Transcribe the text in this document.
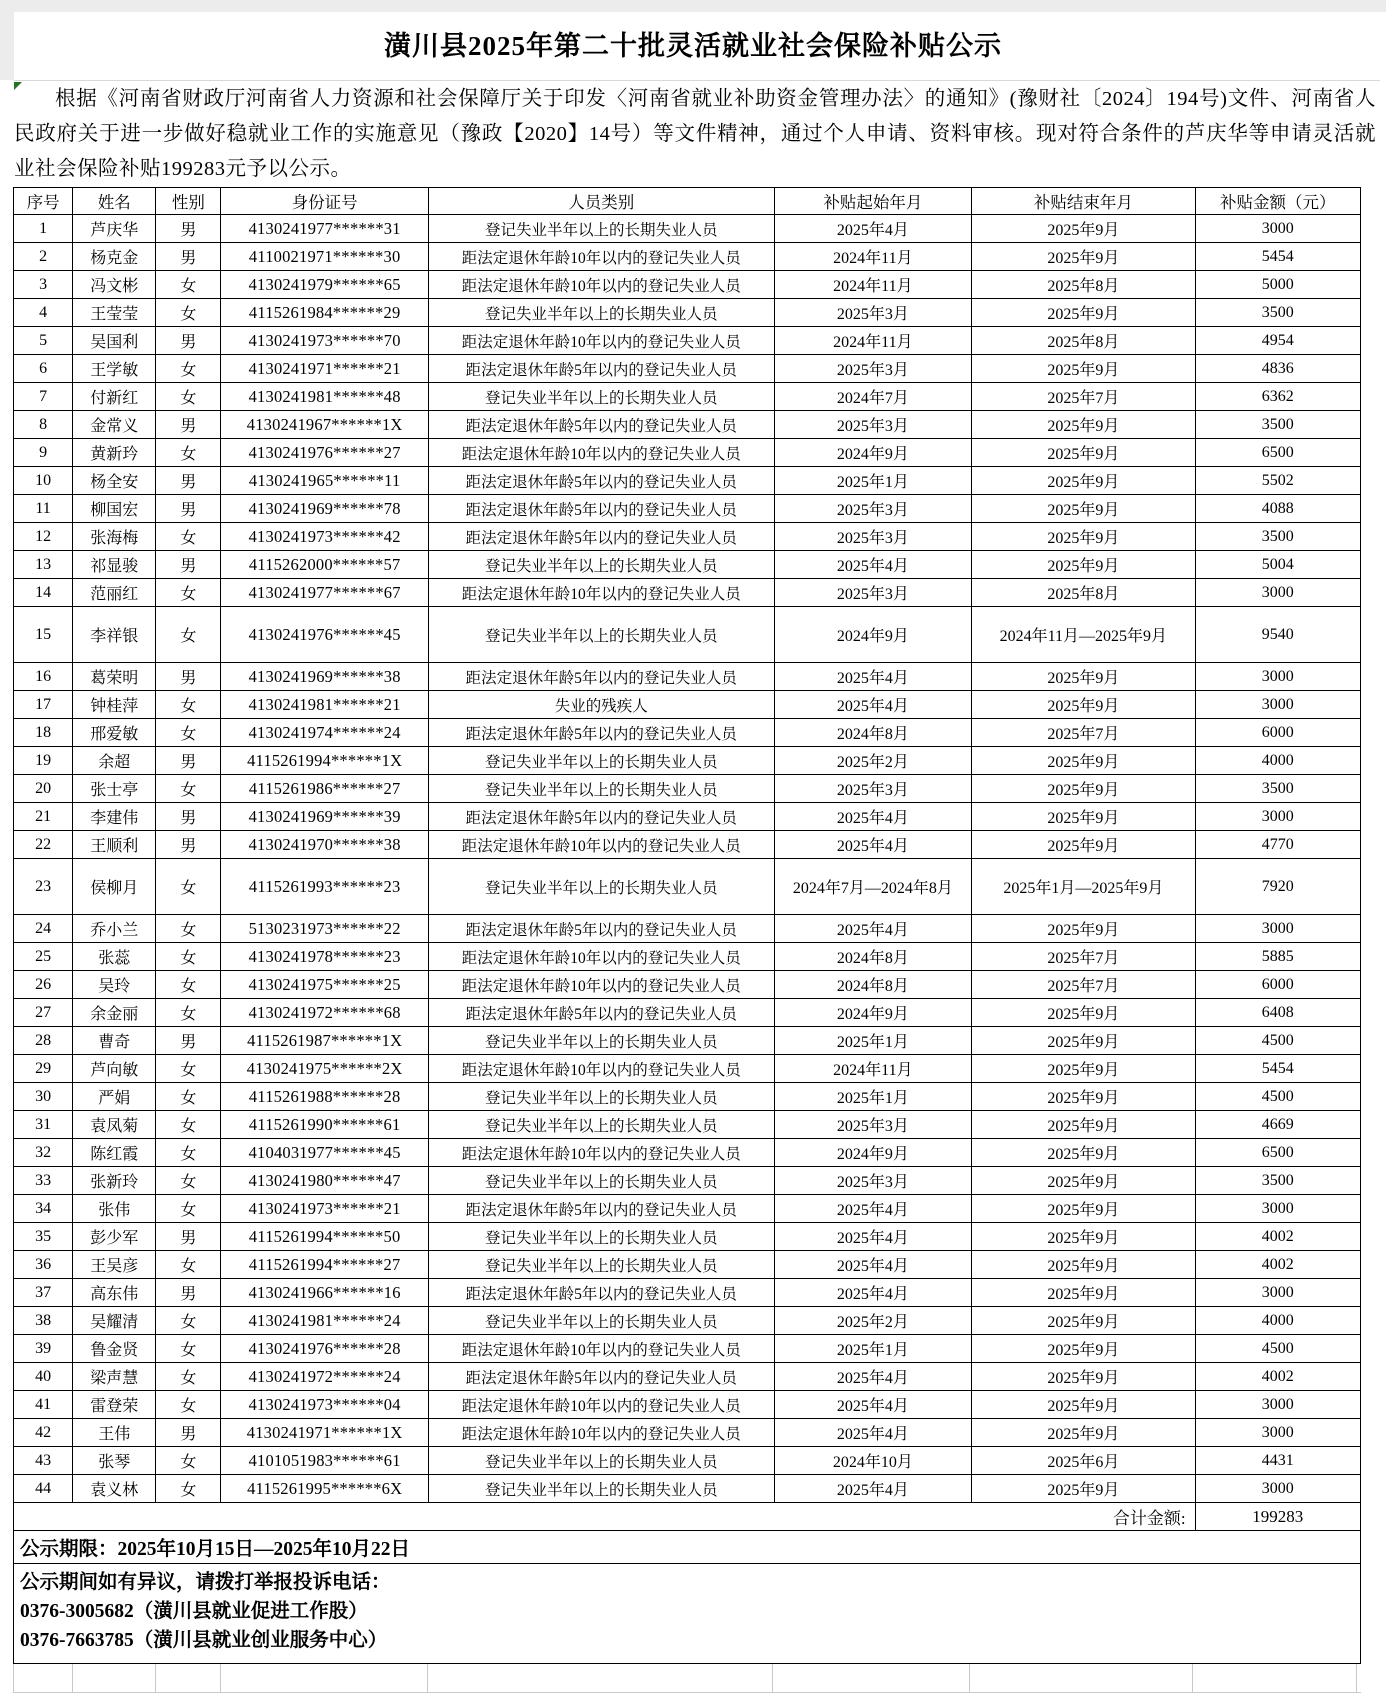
潢川县2025年第二十批灵活就业社会保险补贴公示

根据《河南省财政厅河南省人力资源和社会保障厅关于印发〈河南省就业补助资金管理办法〉的通知》(豫财社〔2024〕194号)文件、河南省人民政府关于进一步做好稳就业工作的实施意见（豫政【2020】14号）等文件精神，通过个人申请、资料审核。现对符合条件的芦庆华等申请灵活就业社会保险补贴199283元予以公示。

序号	姓名	性别	身份证号	人员类别	补贴起始年月	补贴结束年月	补贴金额（元）
1	芦庆华	男	4130241977******31	登记失业半年以上的长期失业人员	2025年4月	2025年9月	3000
2	杨克金	男	4110021971******30	距法定退休年龄10年以内的登记失业人员	2024年11月	2025年9月	5454
3	冯文彬	女	4130241979******65	距法定退休年龄10年以内的登记失业人员	2024年11月	2025年8月	5000
4	王莹莹	女	4115261984******29	登记失业半年以上的长期失业人员	2025年3月	2025年9月	3500
5	吴国利	男	4130241973******70	距法定退休年龄10年以内的登记失业人员	2024年11月	2025年8月	4954
6	王学敏	女	4130241971******21	距法定退休年龄5年以内的登记失业人员	2025年3月	2025年9月	4836
7	付新红	女	4130241981******48	登记失业半年以上的长期失业人员	2024年7月	2025年7月	6362
8	金常义	男	4130241967******1X	距法定退休年龄5年以内的登记失业人员	2025年3月	2025年9月	3500
9	黄新玪	女	4130241976******27	距法定退休年龄10年以内的登记失业人员	2024年9月	2025年9月	6500
10	杨全安	男	4130241965******11	距法定退休年龄5年以内的登记失业人员	2025年1月	2025年9月	5502
11	柳国宏	男	4130241969******78	距法定退休年龄5年以内的登记失业人员	2025年3月	2025年9月	4088
12	张海梅	女	4130241973******42	距法定退休年龄5年以内的登记失业人员	2025年3月	2025年9月	3500
13	祁显骏	男	4115262000******57	登记失业半年以上的长期失业人员	2025年4月	2025年9月	5004
14	范丽红	女	4130241977******67	距法定退休年龄10年以内的登记失业人员	2025年3月	2025年8月	3000
15	李祥银	女	4130241976******45	登记失业半年以上的长期失业人员	2024年9月	2024年11月—2025年9月	9540
16	葛荣明	男	4130241969******38	距法定退休年龄5年以内的登记失业人员	2025年4月	2025年9月	3000
17	钟桂萍	女	4130241981******21	失业的残疾人	2025年4月	2025年9月	3000
18	邢爱敏	女	4130241974******24	距法定退休年龄5年以内的登记失业人员	2024年8月	2025年7月	6000
19	余超	男	4115261994******1X	登记失业半年以上的长期失业人员	2025年2月	2025年9月	4000
20	张士亭	女	4115261986******27	登记失业半年以上的长期失业人员	2025年3月	2025年9月	3500
21	李建伟	男	4130241969******39	距法定退休年龄5年以内的登记失业人员	2025年4月	2025年9月	3000
22	王顺利	男	4130241970******38	距法定退休年龄10年以内的登记失业人员	2025年4月	2025年9月	4770
23	侯柳月	女	4115261993******23	登记失业半年以上的长期失业人员	2024年7月—2024年8月	2025年1月—2025年9月	7920
24	乔小兰	女	5130231973******22	距法定退休年龄5年以内的登记失业人员	2025年4月	2025年9月	3000
25	张蕊	女	4130241978******23	距法定退休年龄10年以内的登记失业人员	2024年8月	2025年7月	5885
26	吴玲	女	4130241975******25	距法定退休年龄10年以内的登记失业人员	2024年8月	2025年7月	6000
27	余金丽	女	4130241972******68	距法定退休年龄5年以内的登记失业人员	2024年9月	2025年9月	6408
28	曹奇	男	4115261987******1X	登记失业半年以上的长期失业人员	2025年1月	2025年9月	4500
29	芦向敏	女	4130241975******2X	距法定退休年龄10年以内的登记失业人员	2024年11月	2025年9月	5454
30	严娟	女	4115261988******28	登记失业半年以上的长期失业人员	2025年1月	2025年9月	4500
31	袁凤菊	女	4115261990******61	登记失业半年以上的长期失业人员	2025年3月	2025年9月	4669
32	陈红霞	女	4104031977******45	距法定退休年龄10年以内的登记失业人员	2024年9月	2025年9月	6500
33	张新玲	女	4130241980******47	登记失业半年以上的长期失业人员	2025年3月	2025年9月	3500
34	张伟	女	4130241973******21	距法定退休年龄5年以内的登记失业人员	2025年4月	2025年9月	3000
35	彭少军	男	4115261994******50	登记失业半年以上的长期失业人员	2025年4月	2025年9月	4002
36	王吴彦	女	4115261994******27	登记失业半年以上的长期失业人员	2025年4月	2025年9月	4002
37	高东伟	男	4130241966******16	距法定退休年龄5年以内的登记失业人员	2025年4月	2025年9月	3000
38	吴耀清	女	4130241981******24	登记失业半年以上的长期失业人员	2025年2月	2025年9月	4000
39	鲁金贤	女	4130241976******28	距法定退休年龄10年以内的登记失业人员	2025年1月	2025年9月	4500
40	梁声慧	女	4130241972******24	距法定退休年龄5年以内的登记失业人员	2025年4月	2025年9月	4002
41	雷登荣	女	4130241973******04	距法定退休年龄10年以内的登记失业人员	2025年4月	2025年9月	3000
42	王伟	男	4130241971******1X	距法定退休年龄10年以内的登记失业人员	2025年4月	2025年9月	3000
43	张琴	女	4101051983******61	登记失业半年以上的长期失业人员	2024年10月	2025年6月	4431
44	袁义林	女	4115261995******6X	登记失业半年以上的长期失业人员	2025年4月	2025年9月	3000
合计金额:							199283
公示期限：2025年10月15日—2025年10月22日							

公示期间如有异议，请拨打举报投诉电话：
0376-3005682（潢川县就业促进工作股）
0376-7663785（潢川县就业创业服务中心）							
